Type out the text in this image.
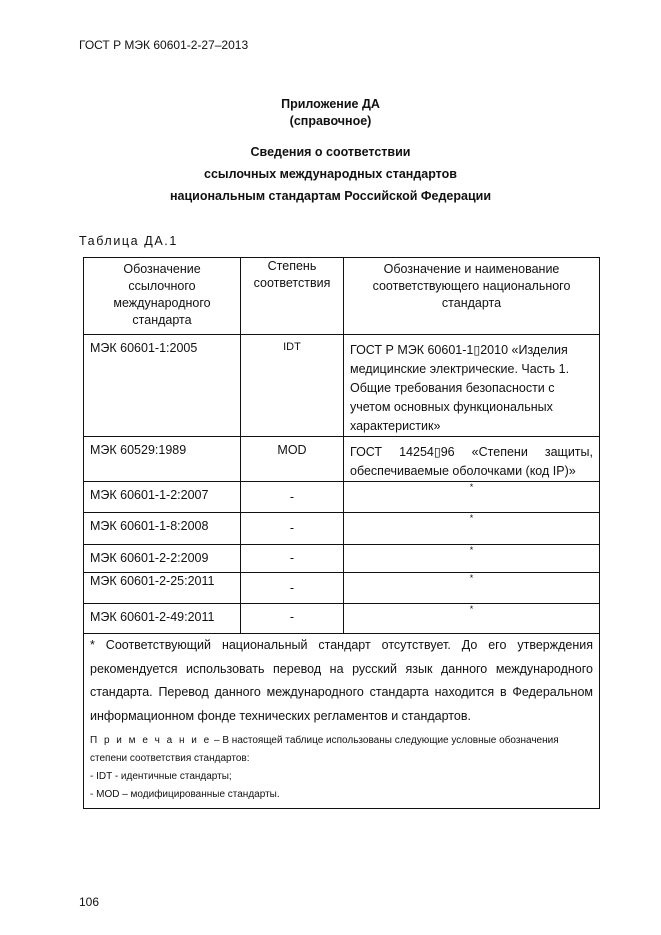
ГОСТ Р МЭК 60601-2-27–2013
Приложение ДА
(справочное)
Сведения о соответствии
ссылочных международных стандартов
национальным стандартам Российской Федерации
Таблица ДА.1
Обозначение ссылочного международного стандарта	Степень соответствия	Обозначение и наименование соответствующего национального стандарта
МЭК 60601-1:2005	IDT	ГОСТ Р МЭК 60601-1▯2010 «Изделия медицинские электрические. Часть 1. Общие требования безопасности с учетом основных функциональных характеристик»
МЭК 60529:1989	MOD	ГОСТ 14254▯96 «Степени защиты,
обеспечиваемые оболочками (код IP)»

МЭК 60601-1-2:2007	-	*
МЭК 60601-1-8:2008	-	*
МЭК 60601-2-2:2009	-	*
МЭК 60601-2-25:2011	-	*
МЭК 60601-2-49:2011	-	*

* Соответствующий национальный стандарт отсутствует. До его утверждения рекомендуется использовать перевод на русский язык данного международного стандарта. Перевод данного международного стандарта находится в Федеральном информационном фонде технических регламентов и стандартов.
П р и м е ч а н и е – В настоящей таблице использованы следующие условные обозначения степени соответствия стандартов:
- IDT - идентичные стандарты;
- MOD – модифицированные стандарты.		
106
